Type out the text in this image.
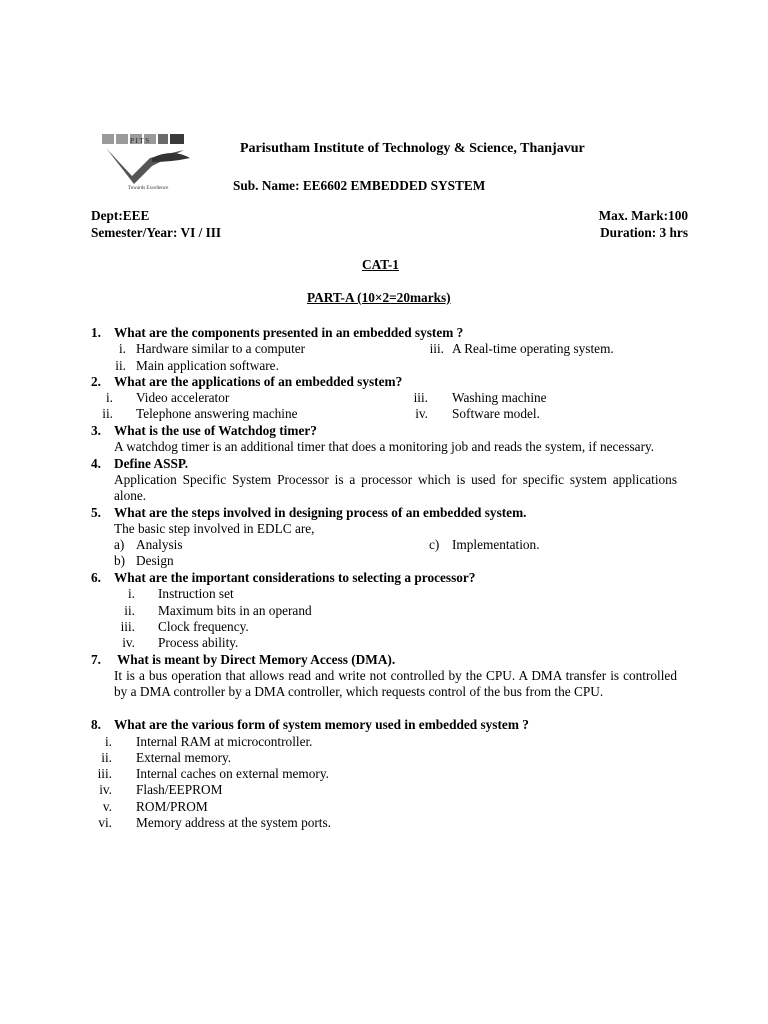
P I T S
Towards Excellence
Parisutham Institute of Technology & Science, Thanjavur
Sub. Name: EE6602 EMBEDDED SYSTEM
Dept:EEE
Semester/Year: VI / III
Max. Mark:100
Duration: 3 hrs
CAT-1
PART-A (10×2=20marks)
1. What are the components presented in an embedded system ?
i. Hardware similar to a computer
ii. Main application software.
iii. A Real-time operating system.
2. What are the applications of an embedded system?
i. Video accelerator
ii. Telephone answering machine
iii. Washing machine
iv. Software model.
3. What is the use of Watchdog timer?
A watchdog timer is an additional timer that does a monitoring job and reads the system, if necessary.
4. Define ASSP.
Application Specific System Processor is a processor which is used for specific system applications alone.
5. What are the steps involved in designing process of an embedded system.
The basic step involved in EDLC are,
a) Analysis
b) Design
c) Implementation.
6. What are the important considerations to selecting a processor?
i. Instruction set
ii. Maximum bits in an operand
iii. Clock frequency.
iv. Process ability.
7. What is meant by Direct Memory Access (DMA).
It is a bus operation that allows read and write not controlled by the CPU. A DMA transfer is controlled by a DMA controller by a DMA controller, which requests control of the bus from the CPU.
8. What are the various form of system memory used in embedded system ?
i. Internal RAM at microcontroller.
ii. External memory.
iii. Internal caches on external memory.
iv. Flash/EEPROM
v. ROM/PROM
vi. Memory address at the system ports.
